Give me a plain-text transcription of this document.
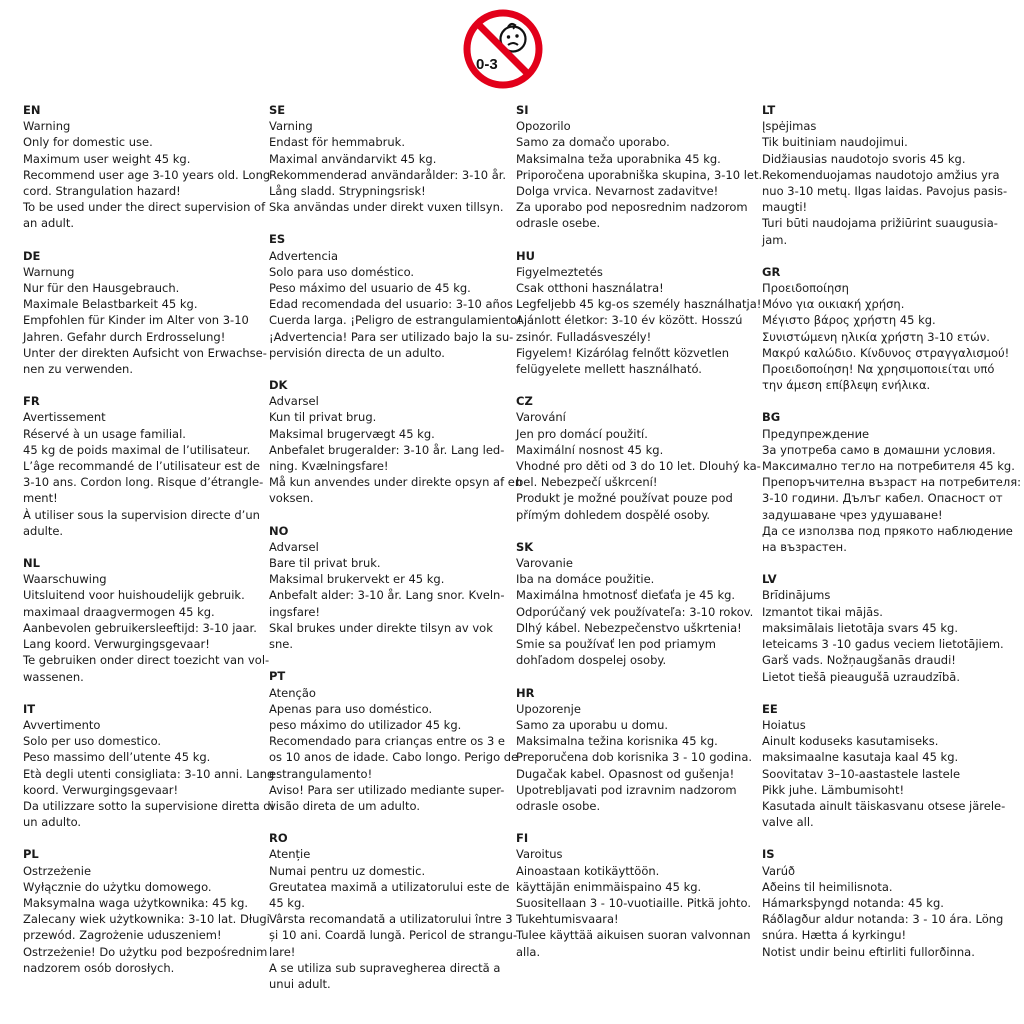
0-3
EN
Warning
Only for domestic use.
Maximum user weight 45 kg.
Recommend user age 3-10 years old. Long
cord. Strangulation hazard!
To be used under the direct supervision of
an adult.
DE
Warnung
Nur für den Hausgebrauch.
Maximale Belastbarkeit 45 kg.
Empfohlen für Kinder im Alter von 3-10
Jahren. Gefahr durch Erdrosselung!
Unter der direkten Aufsicht von Erwachse-
nen zu verwenden.
FR
Avertissement
Réservé à un usage familial.
45 kg de poids maximal de l’utilisateur.
L’âge recommandé de l’utilisateur est de
3-10 ans. Cordon long. Risque d’étrangle-
ment!
À utiliser sous la supervision directe d’un
adulte.
NL
Waarschuwing
Uitsluitend voor huishoudelijk gebruik.
maximaal draagvermogen 45 kg.
Aanbevolen gebruikersleeftijd: 3-10 jaar.
Lang koord. Verwurgingsgevaar!
Te gebruiken onder direct toezicht van vol-
wassenen.
IT
Avvertimento
Solo per uso domestico.
Peso massimo dell’utente 45 kg.
Età degli utenti consigliata: 3-10 anni. Lang
koord. Verwurgingsgevaar!
Da utilizzare sotto la supervisione diretta di
un adulto.
PL
Ostrzeżenie
Wyłącznie do użytku domowego.
Maksymalna waga użytkownika: 45 kg.
Zalecany wiek użytkownika: 3-10 lat. Długi
przewód. Zagrożenie uduszeniem!
Ostrzeżenie! Do użytku pod bezpośrednim
nadzorem osób dorosłych.
SE
Varning
Endast för hemmabruk.
Maximal användarvikt 45 kg.
Rekommenderad användarålder: 3-10 år.
Lång sladd. Strypningsrisk!
Ska användas under direkt vuxen tillsyn.
ES
Advertencia
Solo para uso doméstico.
Peso máximo del usuario de 45 kg.
Edad recomendada del usuario: 3-10 años .
Cuerda larga. ¡Peligro de estrangulamiento!
¡Advertencia! Para ser utilizado bajo la su-
pervisión directa de un adulto.
DK
Advarsel
Kun til privat brug.
Maksimal brugervægt 45 kg.
Anbefalet brugeralder: 3-10 år. Lang led-
ning. Kvælningsfare!
Må kun anvendes under direkte opsyn af en
voksen.
NO
Advarsel
Bare til privat bruk.
Maksimal brukervekt er 45 kg.
Anbefalt alder: 3-10 år. Lang snor. Kveln-
ingsfare!
Skal brukes under direkte tilsyn av vok
sne.
PT
Atenção
Apenas para uso doméstico.
peso máximo do utilizador 45 kg.
Recomendado para crianças entre os 3 e
os 10 anos de idade. Cabo longo. Perigo de
estrangulamento!
Aviso! Para ser utilizado mediante super-
visão direta de um adulto.
RO
Atenție
Numai pentru uz domestic.
Greutatea maximă a utilizatorului este de
45 kg.
Vârsta recomandată a utilizatorului între 3
și 10 ani. Coardă lungă. Pericol de strangu-
lare!
A se utiliza sub supravegherea directă a
unui adult.
SI
Opozorilo
Samo za domačo uporabo.
Maksimalna teža uporabnika 45 kg.
Priporočena uporabniška skupina, 3-10 let.
Dolga vrvica. Nevarnost zadavitve!
Za uporabo pod neposrednim nadzorom
odrasle osebe.
HU
Figyelmeztetés
Csak otthoni használatra!
Legfeljebb 45 kg-os személy használhatja!
Ajánlott életkor: 3-10 év között. Hosszú
zsinór. Fulladásveszély!
Figyelem! Kizárólag felnőtt közvetlen
felügyelete mellett használható.
CZ
Varování
Jen pro domácí použití.
Maximální nosnost 45 kg.
Vhodné pro děti od 3 do 10 let. Dlouhý ka-
bel. Nebezpečí uškrcení!
Produkt je možné používat pouze pod
přímým dohledem dospělé osoby.
SK
Varovanie
Iba na domáce použitie.
Maximálna hmotnosť dieťaťa je 45 kg.
Odporúčaný vek používateľa: 3-10 rokov.
Dlhý kábel. Nebezpečenstvo uškrtenia!
Smie sa používať len pod priamym
dohľadom dospelej osoby.
HR
Upozorenje
Samo za uporabu u domu.
Maksimalna težina korisnika 45 kg.
Preporučena dob korisnika 3 - 10 godina.
Dugačak kabel. Opasnost od gušenja!
Upotrebljavati pod izravnim nadzorom
odrasle osobe.
FI
Varoitus
Ainoastaan kotikäyttöön.
käyttäjän enimmäispaino 45 kg.
Suositellaan 3 - 10-vuotiaille. Pitkä johto.
Tukehtumisvaara!
Tulee käyttää aikuisen suoran valvonnan
alla.
LT
Įspėjimas
Tik buitiniam naudojimui.
Didžiausias naudotojo svoris 45 kg.
Rekomenduojamas naudotojo amžius yra
nuo 3-10 metų. Ilgas laidas. Pavojus pasis-
maugti!
Turi būti naudojama prižiūrint suaugusia-
jam.
GR
Προειδοποίηση
Μόνο για οικιακή χρήση.
Μέγιστο βάρος χρήστη 45 kg.
Συνιστώμενη ηλικία χρήστη 3-10 ετών.
Μακρύ καλώδιο. Κίνδυνος στραγγαλισμού!
Προειδοποίηση! Να χρησιμοποιείται υπό
την άμεση επίβλεψη ενήλικα.
BG
Предупреждение
За употреба само в домашни условия.
Максимално тегло на потребителя 45 kg.
Препоръчителна възраст на потребителя:
3-10 години. Дълъг кабел. Опасност от
задушаване чрез удушаване!
Да се използва под прякото наблюдение
на възрастен.
LV
Brīdinājums
Izmantot tikai mājās.
maksimālais lietotāja svars 45 kg.
Ieteicams 3 -10 gadus veciem lietotājiem.
Garš vads. Nožņaugšanās draudi!
Lietot tiešā pieaugušā uzraudzībā.
EE
Hoiatus
Ainult koduseks kasutamiseks.
maksimaalne kasutaja kaal 45 kg.
Soovitatav 3–10-aastastele lastele
Pikk juhe. Lämbumisoht!
Kasutada ainult täiskasvanu otsese järele-
valve all.
IS
Varúð
Aðeins til heimilisnota.
Hámarksþyngd notanda: 45 kg.
Ráðlagður aldur notanda: 3 - 10 ára. Löng
snúra. Hætta á kyrkingu!
Notist undir beinu eftirliti fullorðinna.
